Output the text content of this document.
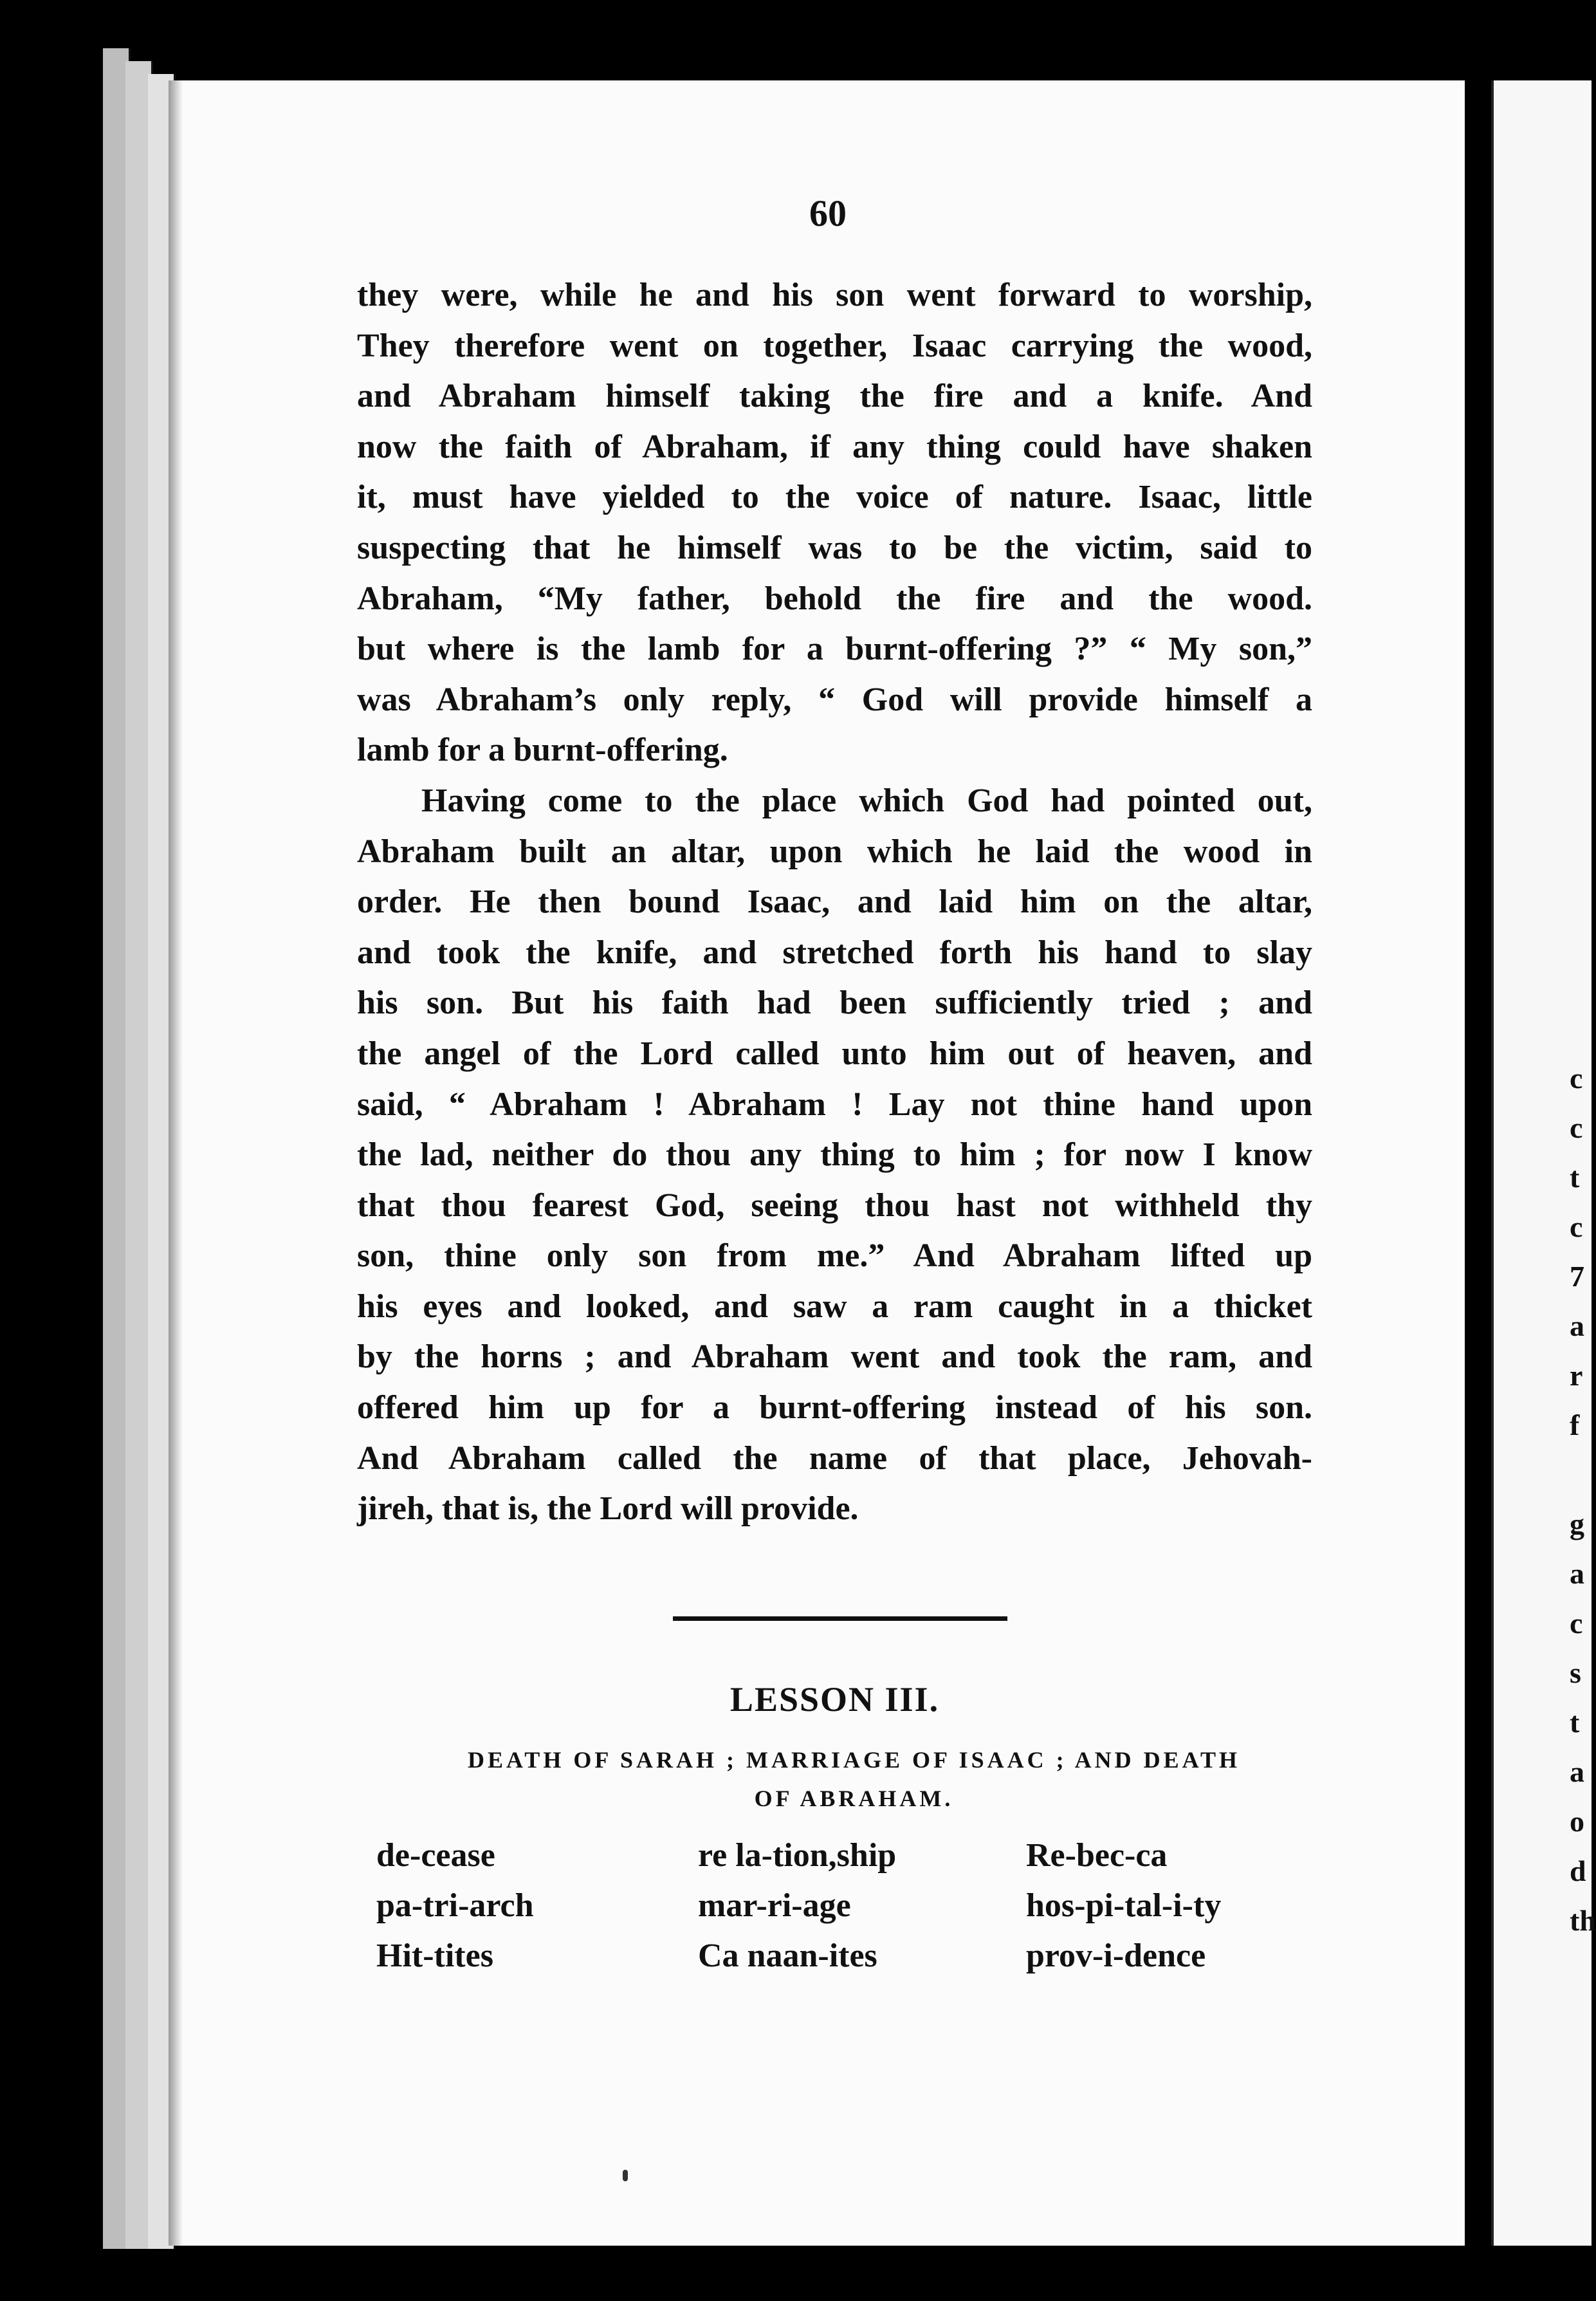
c
c
t
c
7
a
r
f
g
a
c
s
t
a
o
d
th
60
they were, while he and his son went forward to worship,
They therefore went on together, Isaac carrying the wood,
and Abraham himself taking the fire and a knife. And
now the faith of Abraham, if any thing could have shaken
it, must have yielded to the voice of nature. Isaac, little
suspecting that he himself was to be the victim, said to
Abraham, “My father, behold the fire and the wood.
but where is the lamb for a burnt-offering ?” “ My son,”
was Abraham’s only reply, “ God will provide himself a
lamb for a burnt-offering.
Having come to the place which God had pointed out,
Abraham built an altar, upon which he laid the wood in
order. He then bound Isaac, and laid him on the altar,
and took the knife, and stretched forth his hand to slay
his son. But his faith had been sufficiently tried ; and
the angel of the Lord called unto him out of heaven, and
said, “ Abraham ! Abraham ! Lay not thine hand upon
the lad, neither do thou any thing to him ; for now I know
that thou fearest God, seeing thou hast not withheld thy
son, thine only son from me.” And Abraham lifted up
his eyes and looked, and saw a ram caught in a thicket
by the horns ; and Abraham went and took the ram, and
offered him up for a burnt-offering instead of his son.
And Abraham called the name of that place, Jehovah-
jireh, that is, the Lord will provide.
LESSON III.
DEATH OF SARAH ; MARRIAGE OF ISAAC ; AND DEATH
OF ABRAHAM.
de-cease	re la-tion,ship	Re-bec-ca
pa-tri-arch	mar-ri-age	hos-pi-tal-i-ty
Hit-tites	Ca naan-ites	prov-i-dence
